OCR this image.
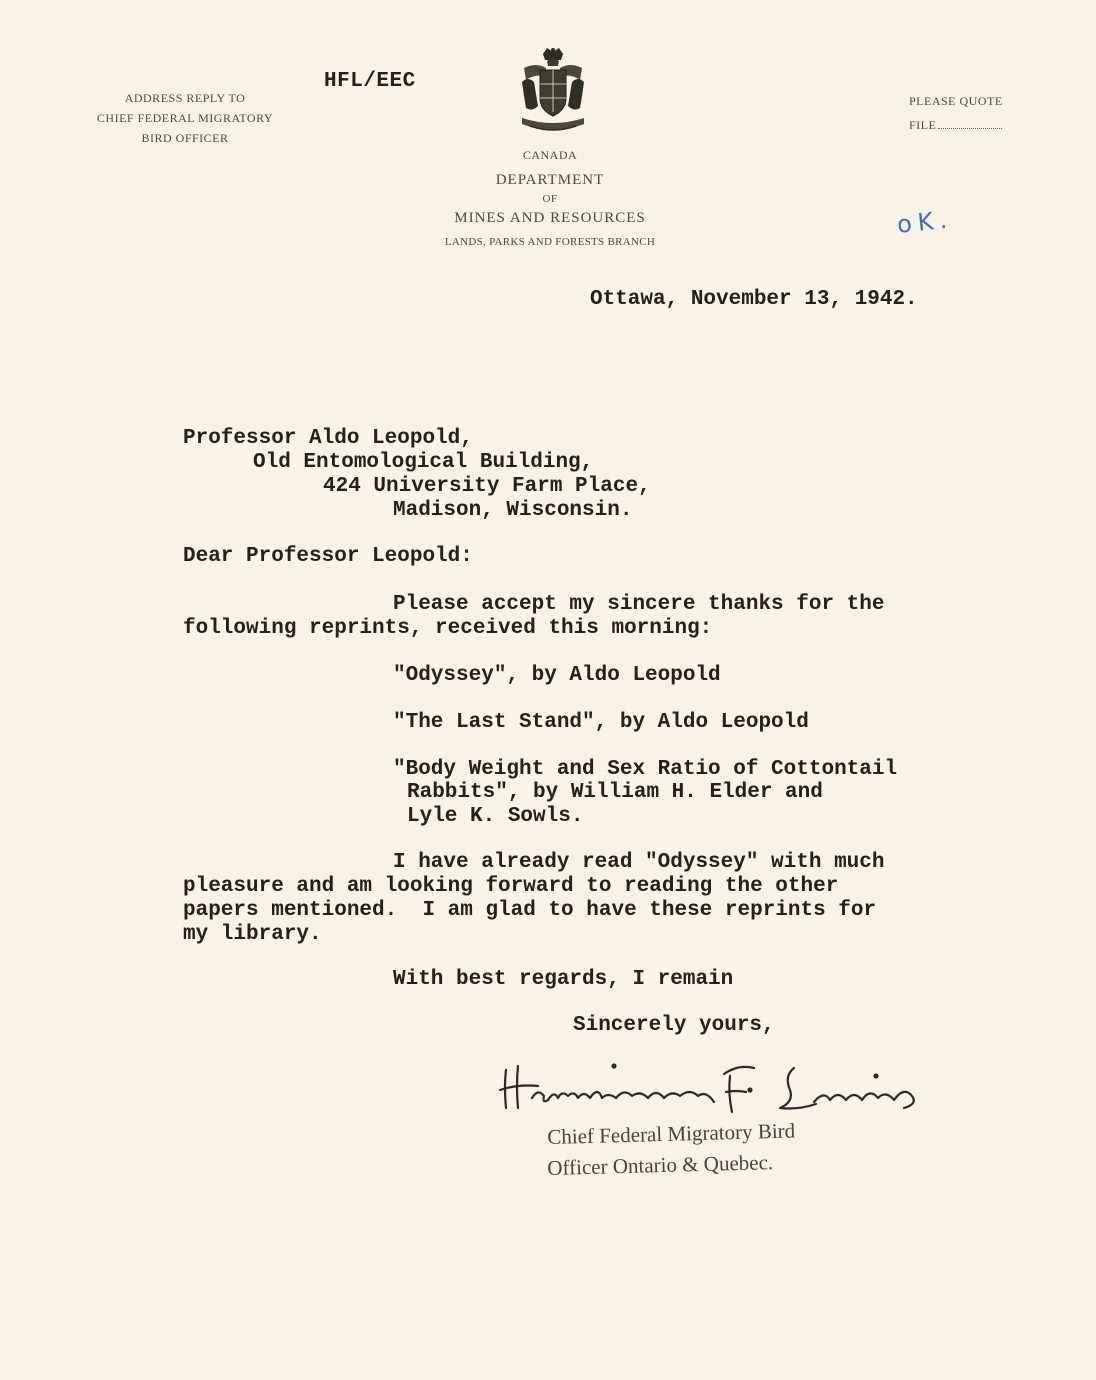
ADDRESS REPLY TO
CHIEF FEDERAL MIGRATORY
BIRD OFFICER
PLEASE QUOTE
FILE
HFL/EEC
CANADA
DEPARTMENT
OF
MINES AND RESOURCES
LANDS, PARKS AND FORESTS BRANCH
oK.
Ottawa, November 13, 1942.
Professor Aldo Leopold,
Old Entomological Building,
424 University Farm Place,
Madison, Wisconsin.
Dear Professor Leopold:
Please accept my sincere thanks for the
following reprints, received this morning:
"Odyssey", by Aldo Leopold
"The Last Stand", by Aldo Leopold
"Body Weight and Sex Ratio of Cottontail
Rabbits", by William H. Elder and
Lyle K. Sowls.
I have already read "Odyssey" with much
pleasure and am looking forward to reading the other
papers mentioned.  I am glad to have these reprints for
my library.
With best regards, I remain
Sincerely yours,
Chief Federal Migratory Bird
Officer Ontario & Quebec.
